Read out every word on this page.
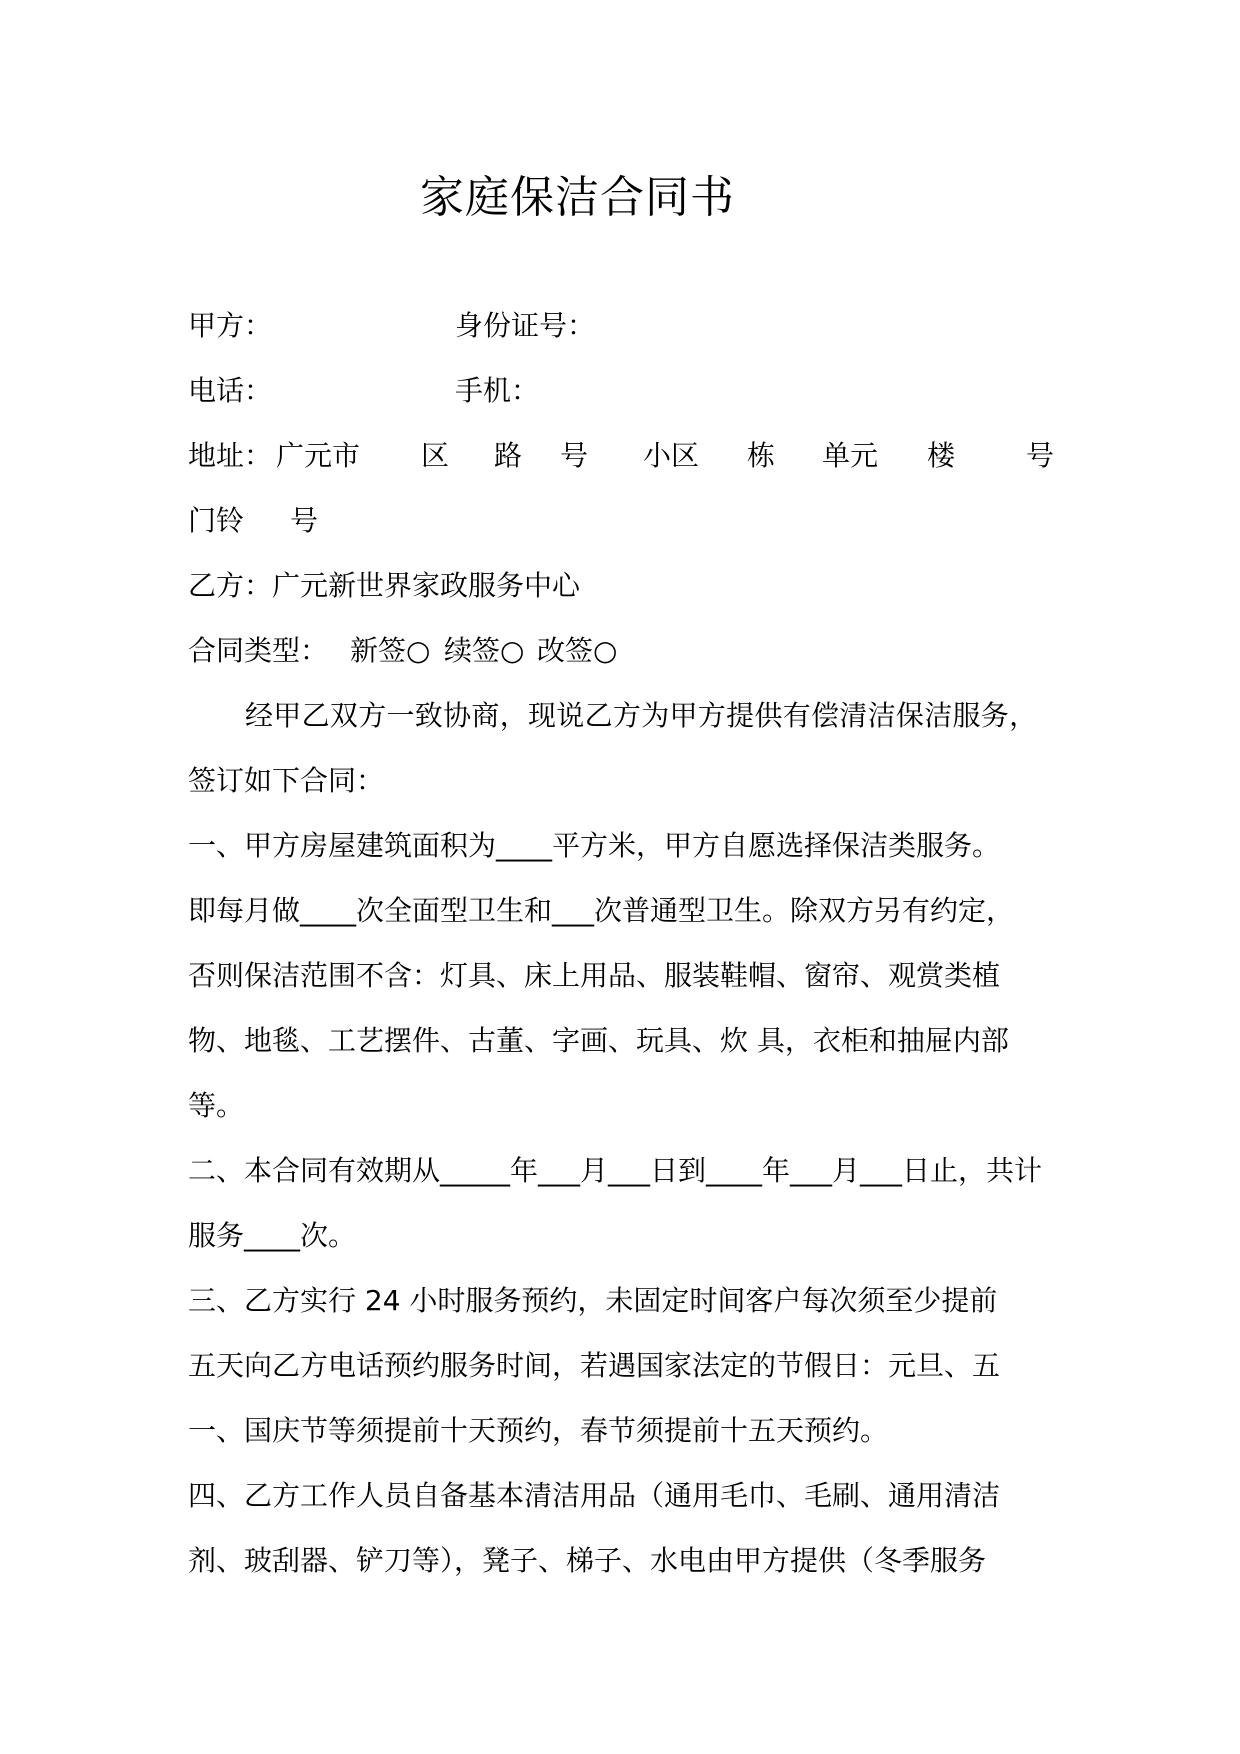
家庭保洁合同书
甲方：	身份证号：
电话：	手机：
地址： 广元市 区 路 号 小区 栋 单元 楼	号
门铃 号
乙方：广元新世界家政服务中心
合同类型： 新签○ 续签○ 改签○
经甲乙双方一致协商，现说乙方为甲方提供有偿清洁保洁服务，
签订如下合同：
一、甲方房屋建筑面积为____平方米，甲方自愿选择保洁类服务。
即每月做____次全面型卫生和___次普通型卫生。除双方另有约定，
否则保洁范围不含：灯具、床上用品、服装鞋帽、窗帘、观赏类植
物、地毯、工艺摆件、古董、字画、玩具、炊 具，衣柜和抽屉内部
等。
二、本合同有效期从_____年___月___日到____年___月___日止，共计
服务____次。
三、乙方实行 24 小时服务预约，未固定时间客户每次须至少提前
五天向乙方电话预约服务时间，若遇国家法定的节假日：元旦、五
一、国庆节等须提前十天预约，春节须提前十五天预约。
四、乙方工作人员自备基本清洁用品（通用毛巾、毛刷、通用清洁
剂、玻刮器、铲刀等），凳子、梯子、水电由甲方提供（冬季服务
